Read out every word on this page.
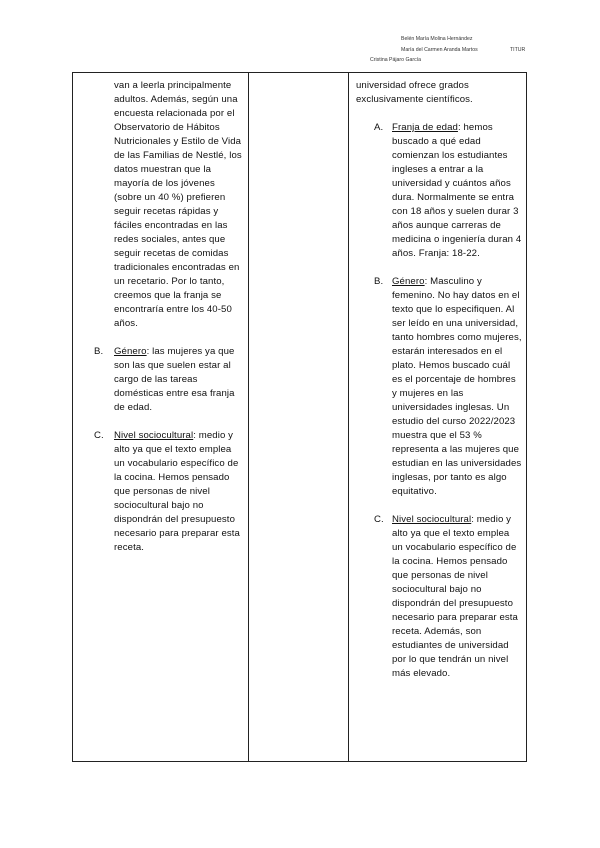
Belén María Molina Hernández
María del Carmen Aranda Martos	TITUR
Cristina Pájaro García

van a leerla principalmente adultos. Además, según una encuesta relacionada por el Observatorio de Hábitos Nutricionales y Estilo de Vida de las Familias de Nestlé, los datos muestran que la mayoría de los jóvenes (sobre un 40 %) prefieren seguir recetas rápidas y fáciles encontradas en las redes sociales, antes que seguir recetas de comidas tradicionales encontradas en un recetario. Por lo tanto, creemos que la franja se encontraría entre los 40-50 años.

B. Género: las mujeres ya que son las que suelen estar al cargo de las tareas domésticas entre esa franja de edad.
C. Nivel sociocultural: medio y alto ya que el texto emplea un vocabulario específico de la cocina. Hemos pensado que personas de nivel sociocultural bajo no dispondrán del presupuesto necesario para preparar esta receta.

universidad ofrece grados exclusivamente científicos.

A. Franja de edad: hemos buscado a qué edad comienzan los estudiantes ingleses a entrar a la universidad y cuántos años dura. Normalmente se entra con 18 años y suelen durar 3 años aunque carreras de medicina o ingeniería duran 4 años. Franja: 18-22.
B. Género: Masculino y femenino. No hay datos en el texto que lo especifiquen. Al ser leído en una universidad, tanto hombres como mujeres, estarán interesados en el plato. Hemos buscado cuál es el porcentaje de hombres y mujeres en las universidades inglesas. Un estudio del curso 2022/2023 muestra que el 53 % representa a las mujeres que estudian en las universidades inglesas, por tanto es algo equitativo.
C. Nivel sociocultural: medio y alto ya que el texto emplea un vocabulario específico de la cocina. Hemos pensado que personas de nivel sociocultural bajo no dispondrán del presupuesto necesario para preparar esta receta. Además, son estudiantes de universidad por lo que tendrán un nivel más elevado.
